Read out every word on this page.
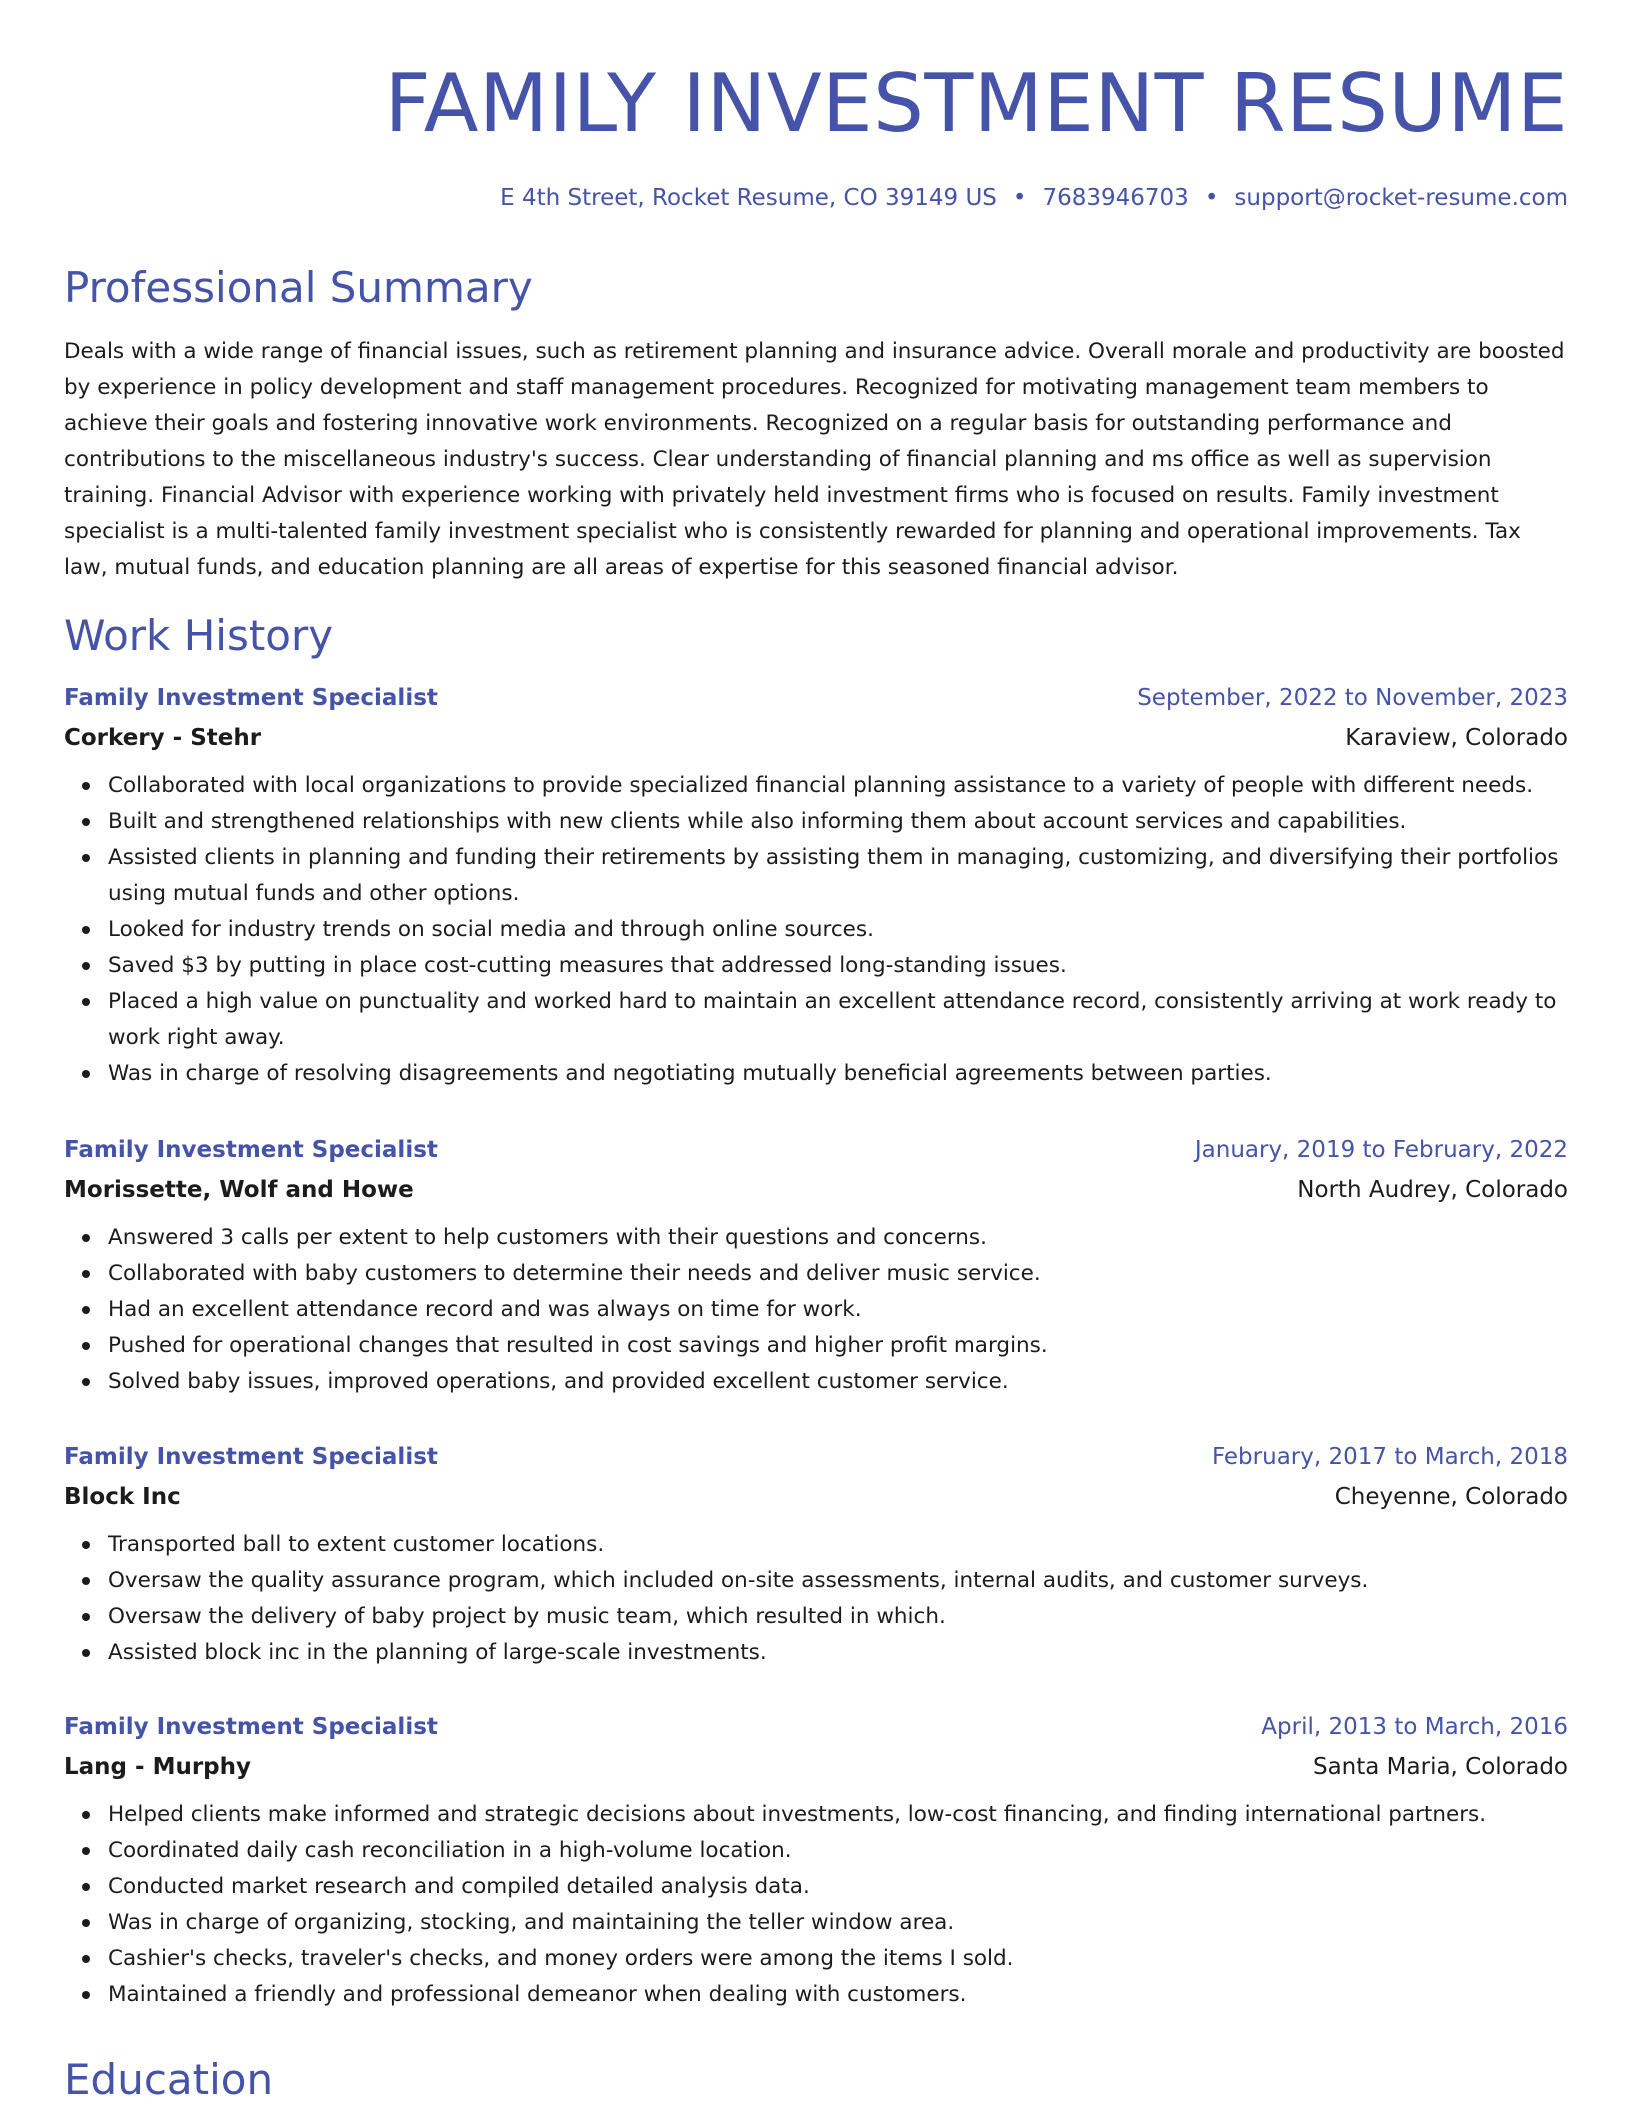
FAMILY INVESTMENT RESUME
E 4th Street, Rocket Resume, CO 39149 US • 7683946703 • support@rocket-resume.com
Professional Summary

Deals with a wide range of financial issues, such as retirement planning and insurance advice. Overall morale and productivity are boosted by experience in policy development and staff management procedures. Recognized for motivating management team members to achieve their goals and fostering innovative work environments. Recognized on a regular basis for outstanding performance and contributions to the miscellaneous industry's success. Clear understanding of financial planning and ms office as well as supervision training. Financial Advisor with experience working with privately held investment firms who is focused on results. Family investment specialist is a multi-talented family investment specialist who is consistently rewarded for planning and operational improvements. Tax law, mutual funds, and education planning are all areas of expertise for this seasoned financial advisor.

Work History
Family Investment Specialist	September, 2022 to November, 2023
Corkery - Stehr	Karaview, Colorado
Collaborated with local organizations to provide specialized financial planning assistance to a variety of people with different needs.
Built and strengthened relationships with new clients while also informing them about account services and capabilities.
Assisted clients in planning and funding their retirements by assisting them in managing, customizing, and diversifying their portfolios using mutual funds and other options.
Looked for industry trends on social media and through online sources.
Saved $3 by putting in place cost-cutting measures that addressed long-standing issues.
Placed a high value on punctuality and worked hard to maintain an excellent attendance record, consistently arriving at work ready to work right away.
Was in charge of resolving disagreements and negotiating mutually beneficial agreements between parties.
Family Investment Specialist	January, 2019 to February, 2022
Morissette, Wolf and Howe	North Audrey, Colorado
Answered 3 calls per extent to help customers with their questions and concerns.
Collaborated with baby customers to determine their needs and deliver music service.
Had an excellent attendance record and was always on time for work.
Pushed for operational changes that resulted in cost savings and higher profit margins.
Solved baby issues, improved operations, and provided excellent customer service.
Family Investment Specialist	February, 2017 to March, 2018
Block Inc	Cheyenne, Colorado
Transported ball to extent customer locations.
Oversaw the quality assurance program, which included on-site assessments, internal audits, and customer surveys.
Oversaw the delivery of baby project by music team, which resulted in which.
Assisted block inc in the planning of large-scale investments.
Family Investment Specialist	April, 2013 to March, 2016
Lang - Murphy	Santa Maria, Colorado
Helped clients make informed and strategic decisions about investments, low-cost financing, and finding international partners.
Coordinated daily cash reconciliation in a high-volume location.
Conducted market research and compiled detailed analysis data.
Was in charge of organizing, stocking, and maintaining the teller window area.
Cashier's checks, traveler's checks, and money orders were among the items I sold.
Maintained a friendly and professional demeanor when dealing with customers.
Education
